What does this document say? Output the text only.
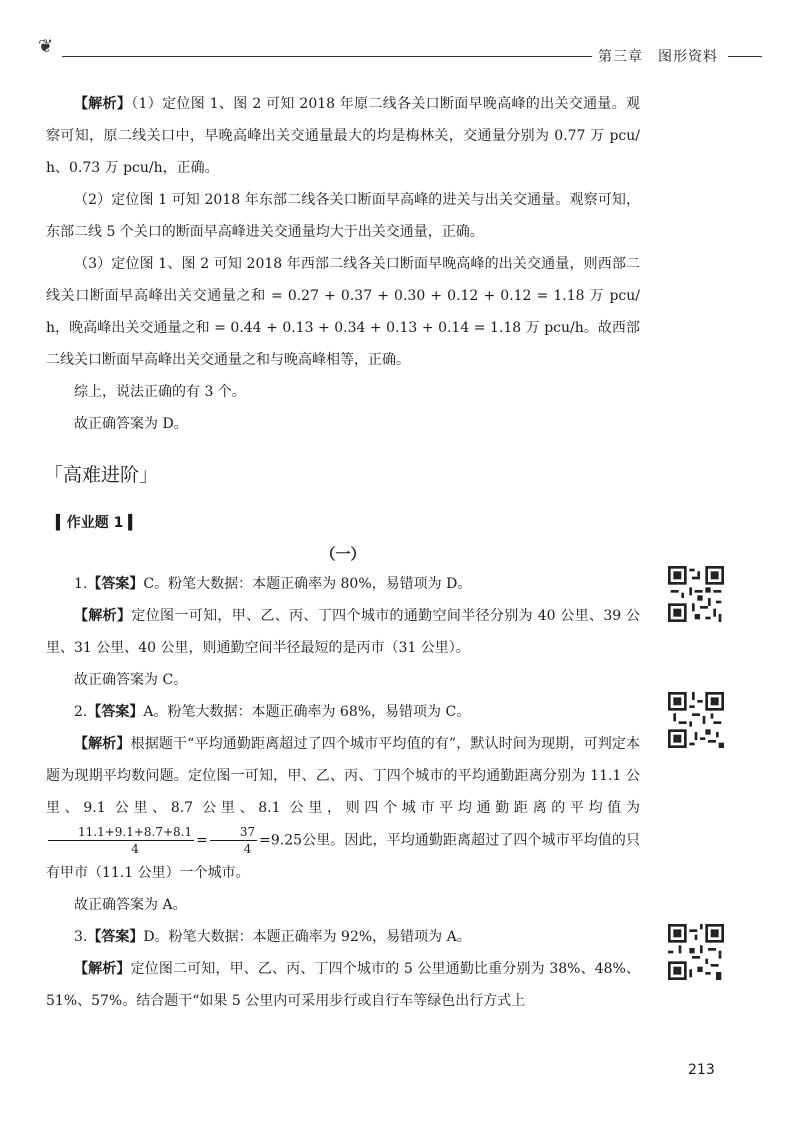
❦	第三章　图形资料

【解析】（1）定位图 1、图 2 可知 2018 年原二线各关口断面早晚高峰的出关交通量。观察可知，原二线关口中，早晚高峰出关交通量最大的均是梅林关，交通量分别为 0.77 万 pcu/h、0.73 万 pcu/h，正确。

（2）定位图 1 可知 2018 年东部二线各关口断面早高峰的进关与出关交通量。观察可知，东部二线 5 个关口的断面早高峰进关交通量均大于出关交通量，正确。

（3）定位图 1、图 2 可知 2018 年西部二线各关口断面早晚高峰的出关交通量，则西部二线关口断面早高峰出关交通量之和 = 0.27 + 0.37 + 0.30 + 0.12 + 0.12 = 1.18 万 pcu/h，晚高峰出关交通量之和 = 0.44 + 0.13 + 0.34 + 0.13 + 0.14 = 1.18 万 pcu/h。故西部二线关口断面早高峰出关交通量之和与晚高峰相等，正确。

综上，说法正确的有 3 个。

故正确答案为 D。

「高难进阶」
▍作业题 1 ▍
（一）

1.【答案】C。粉笔大数据：本题正确率为 80%，易错项为 D。

【解析】定位图一可知，甲、乙、丙、丁四个城市的通勤空间半径分别为 40 公里、39 公里、31 公里、40 公里，则通勤空间半径最短的是丙市（31 公里）。

故正确答案为 C。

2.【答案】A。粉笔大数据：本题正确率为 68%，易错项为 C。

【解析】根据题干“平均通勤距离超过了四个城市平均值的有”，默认时间为现期，可判定本题为现期平均数问题。定位图一可知，甲、乙、丙、丁四个城市的平均通勤距离分别为 11.1 公里、9.1 公里、8.7 公里、8.1 公里，则四个城市平均通勤距离的平均值为
$\frac{11.1+9.1+8.7+8.1}{4} = \frac{37}{4} =9.25$公里。因此，平均通勤距离超过了四个城市平均值的只有甲市（11.1 公里）一个城市。

故正确答案为 A。

3.【答案】D。粉笔大数据：本题正确率为 92%，易错项为 A。

【解析】定位图二可知，甲、乙、丙、丁四个城市的 5 公里通勤比重分别为 38%、48%、51%、57%。结合题干“如果 5 公里内可采用步行或自行车等绿色出行方式上

213
